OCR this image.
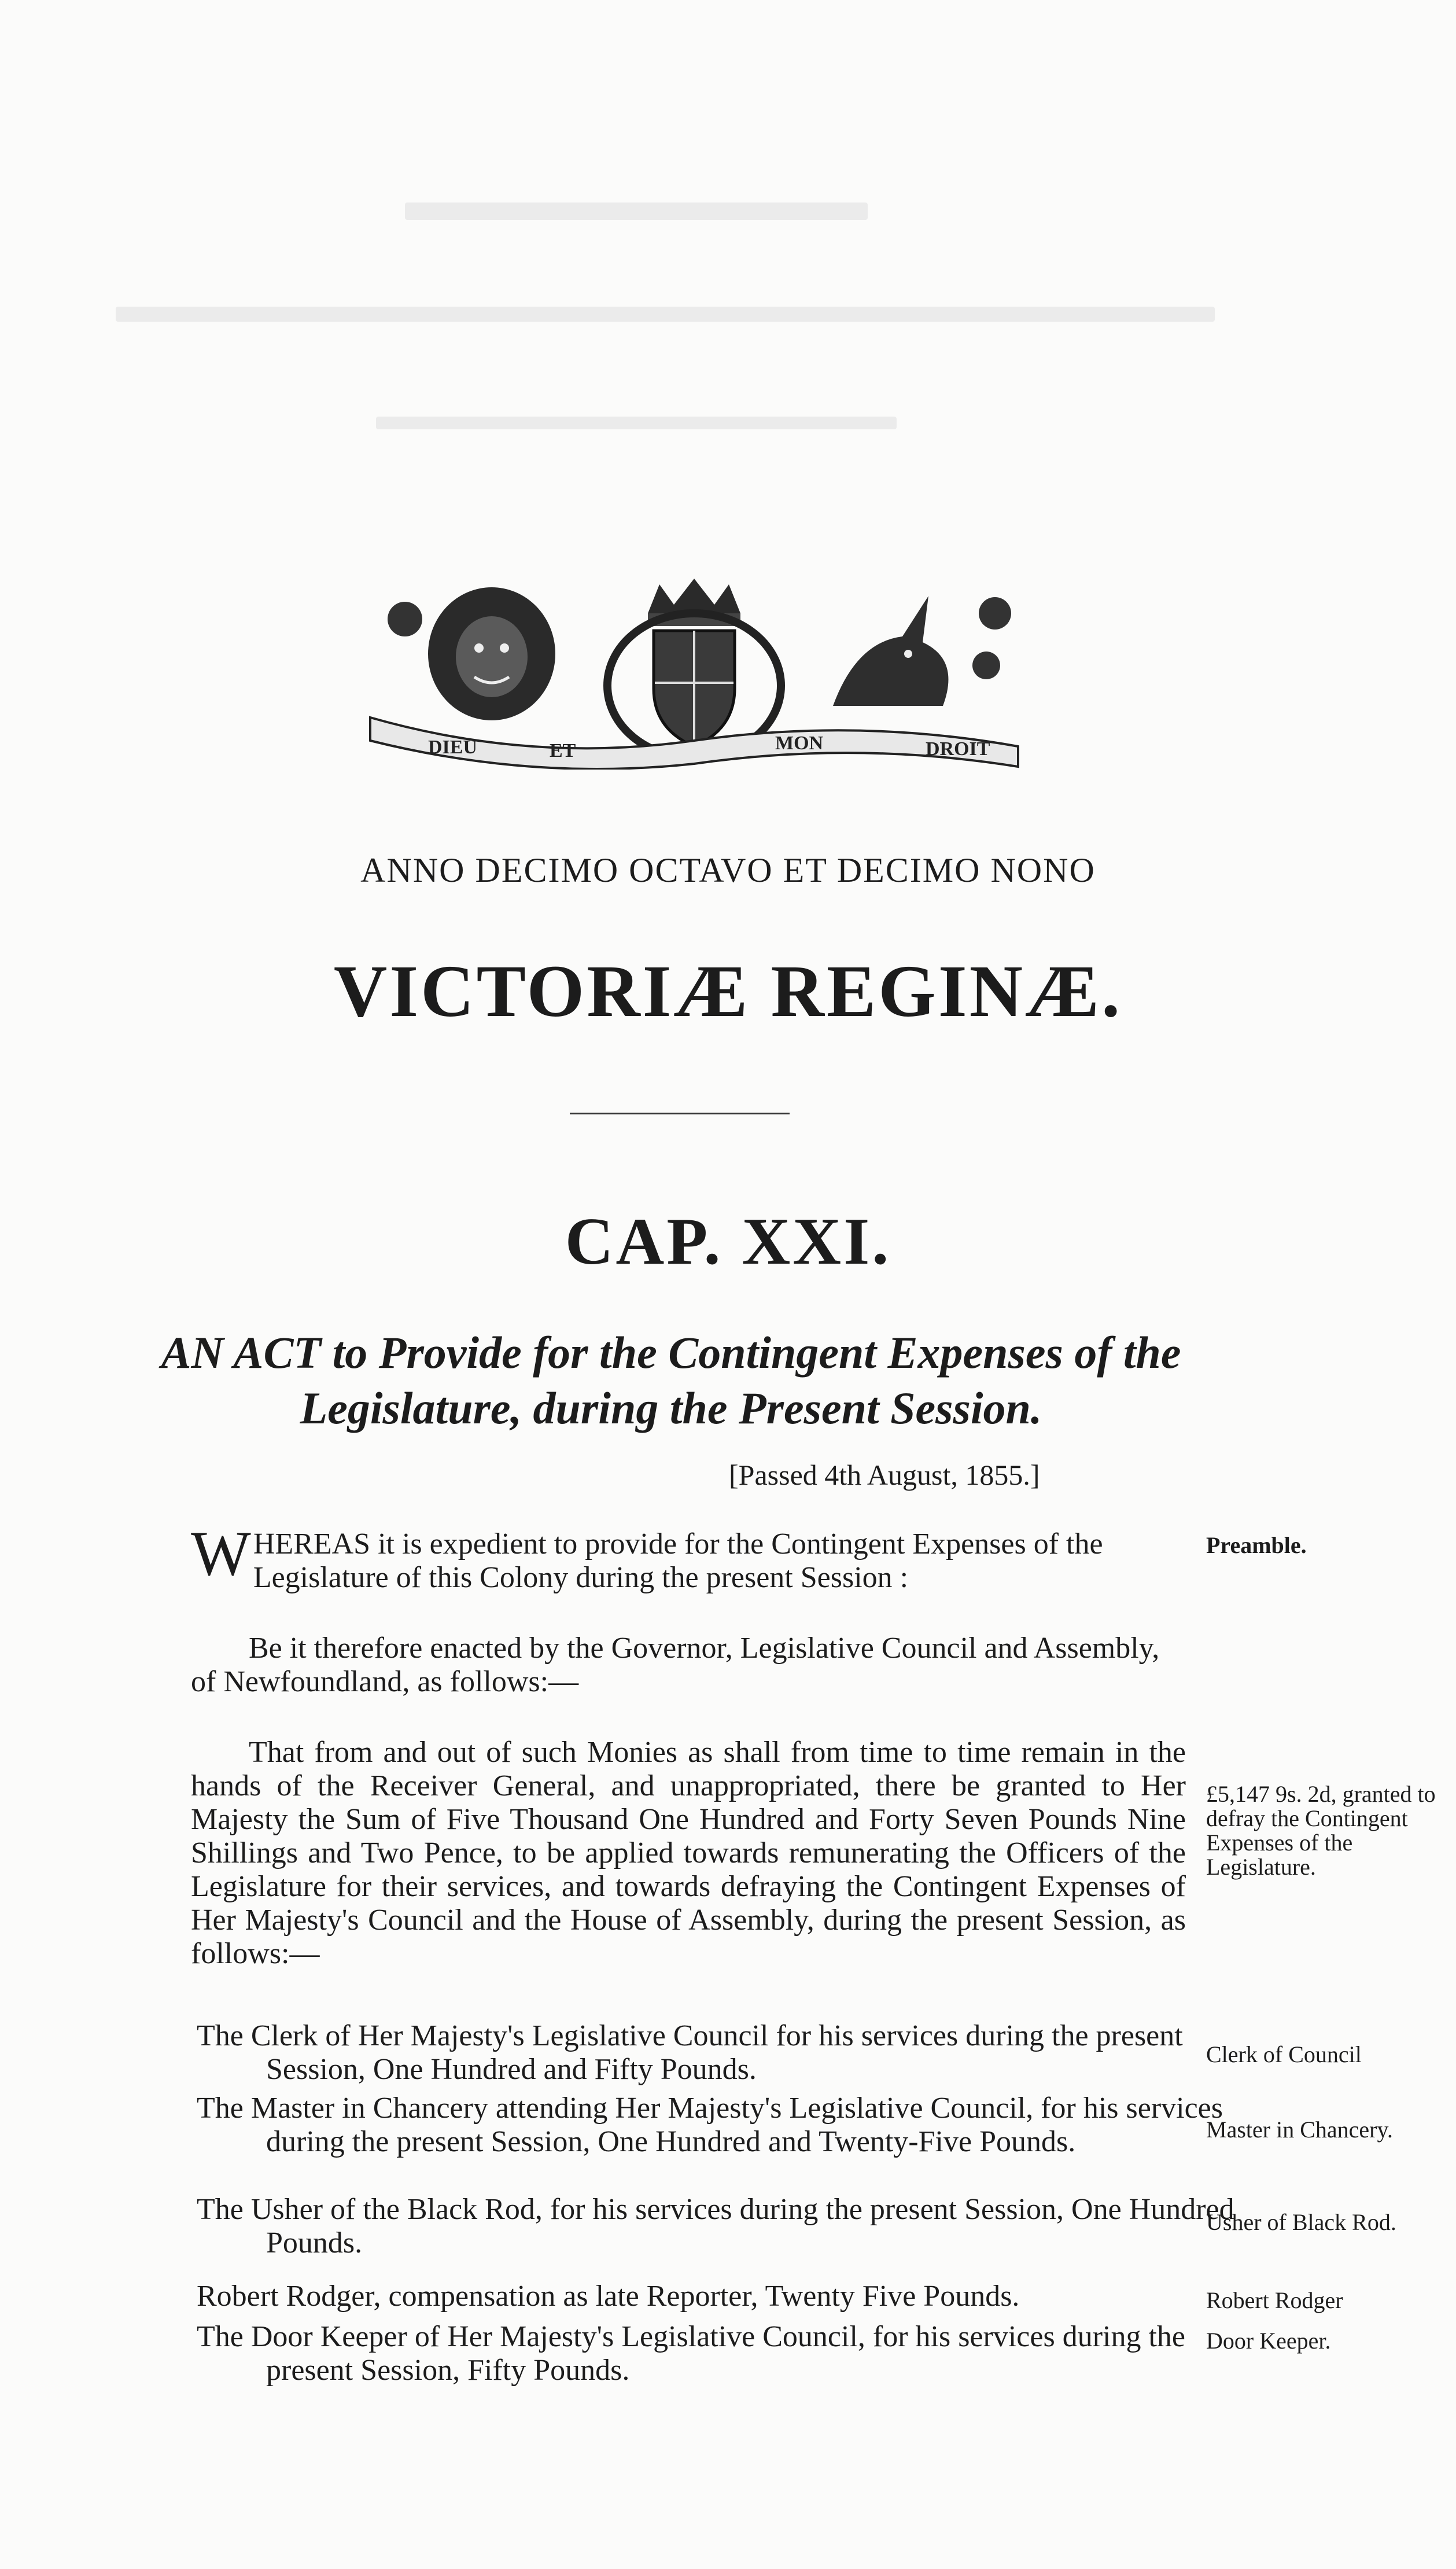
DIEU	ET	MON	DROIT
ANNO DECIMO OCTAVO ET DECIMO NONO
VICTORIÆ REGINÆ.
CAP. XXI.
AN ACT to Provide for the Contingent Expenses of the Legislature, during the Present Session.
[Passed 4th August, 1855.]
W HEREAS it is expedient to provide for the Contingent Expenses of the Legislature of this Colony during the present Session :
Be it therefore enacted by the Governor, Legislative Council and Assembly, of Newfoundland, as follows:—
That from and out of such Monies as shall from time to time remain in the hands of the Receiver General, and unappropriated, there be granted to Her Majesty the Sum of Five Thousand One Hundred and Forty Seven Pounds Nine Shillings and Two Pence, to be applied towards remunerating the Officers of the Legislature for their services, and towards defraying the Contingent Expenses of Her Majesty's Council and the House of Assembly, during the present Session, as follows:—
The Clerk of Her Majesty's Legislative Council for his services during the present Session, One Hundred and Fifty Pounds.
The Master in Chancery attending Her Majesty's Legislative Council, for his services during the present Session, One Hundred and Twenty-Five Pounds.
The Usher of the Black Rod, for his services during the present Session, One Hundred Pounds.
Robert Rodger, compensation as late Reporter, Twenty Five Pounds.
The Door Keeper of Her Majesty's Legislative Council, for his services during the present Session, Fifty Pounds.
Preamble.
£5,147 9s. 2d, granted to defray the Contingent Expenses of the Legislature.
Clerk of Council
Master in Chancery.
Usher of Black Rod.
Robert Rodger
Door Keeper.
